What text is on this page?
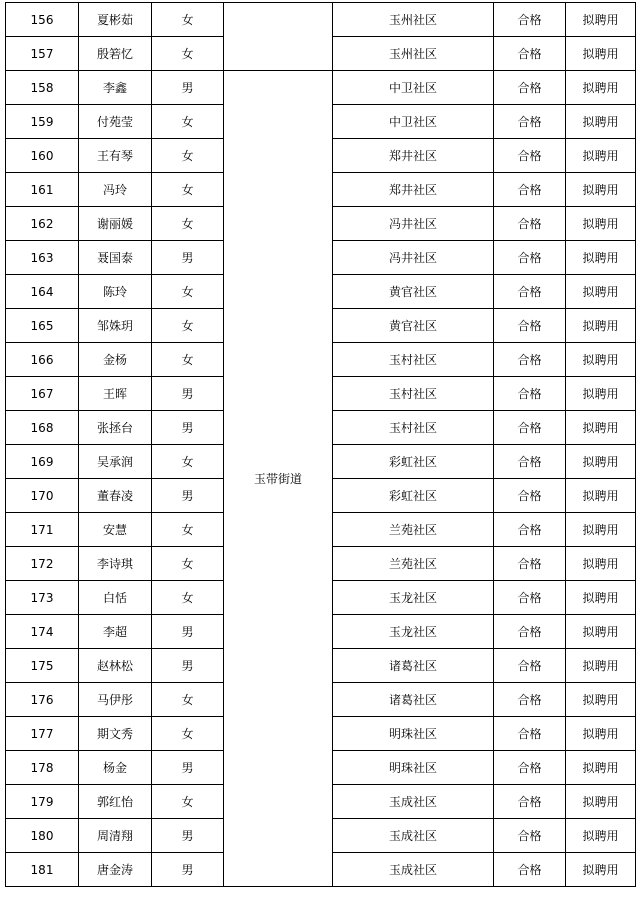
156	夏彬茹	女		玉州社区	合格	拟聘用
157	殷箬忆	女		玉州社区	合格	拟聘用
158	李鑫	男	玉带街道	中卫社区	合格	拟聘用
159	付苑莹	女		中卫社区	合格	拟聘用
160	王有琴	女		郑井社区	合格	拟聘用
161	冯玲	女		郑井社区	合格	拟聘用
162	谢丽媛	女		冯井社区	合格	拟聘用
163	聂国泰	男		冯井社区	合格	拟聘用
164	陈玲	女		黄官社区	合格	拟聘用
165	邹姝玥	女		黄官社区	合格	拟聘用
166	金杨	女		玉村社区	合格	拟聘用
167	王晖	男		玉村社区	合格	拟聘用
168	张拯台	男		玉村社区	合格	拟聘用
169	吴承润	女		彩虹社区	合格	拟聘用
170	董春凌	男		彩虹社区	合格	拟聘用
171	安慧	女		兰苑社区	合格	拟聘用
172	李诗琪	女		兰苑社区	合格	拟聘用
173	白恬	女		玉龙社区	合格	拟聘用
174	李超	男		玉龙社区	合格	拟聘用
175	赵林松	男		诸葛社区	合格	拟聘用
176	马伊彤	女		诸葛社区	合格	拟聘用
177	期文秀	女		明珠社区	合格	拟聘用
178	杨金	男		明珠社区	合格	拟聘用
179	郭红怡	女		玉成社区	合格	拟聘用
180	周清翔	男		玉成社区	合格	拟聘用
181	唐金涛	男		玉成社区	合格	拟聘用
